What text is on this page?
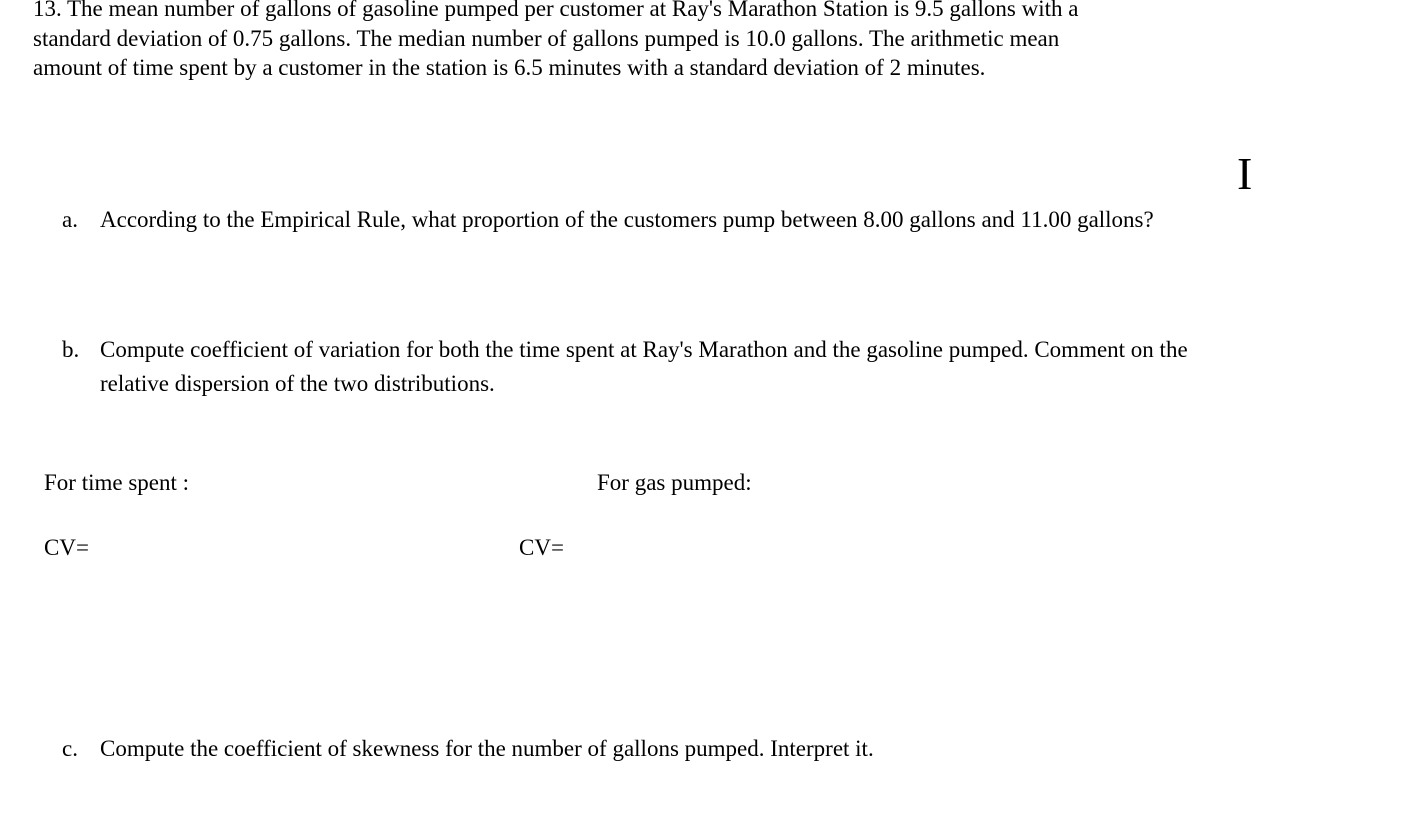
13. The mean number of gallons of gasoline pumped per customer at Ray's Marathon Station is 9.5 gallons with a standard deviation of 0.75 gallons. The median number of gallons pumped is 10.0 gallons. The arithmetic mean amount of time spent by a customer in the station is 6.5 minutes with a standard deviation of 2 minutes.
I
a. According to the Empirical Rule, what proportion of the customers pump between 8.00 gallons and 11.00 gallons?
b. Compute coefficient of variation for both the time spent at Ray's Marathon and the gasoline pumped. Comment on the relative dispersion of the two distributions.
For time spent :	For gas pumped:
CV=	CV=
c. Compute the coefficient of skewness for the number of gallons pumped. Interpret it.
